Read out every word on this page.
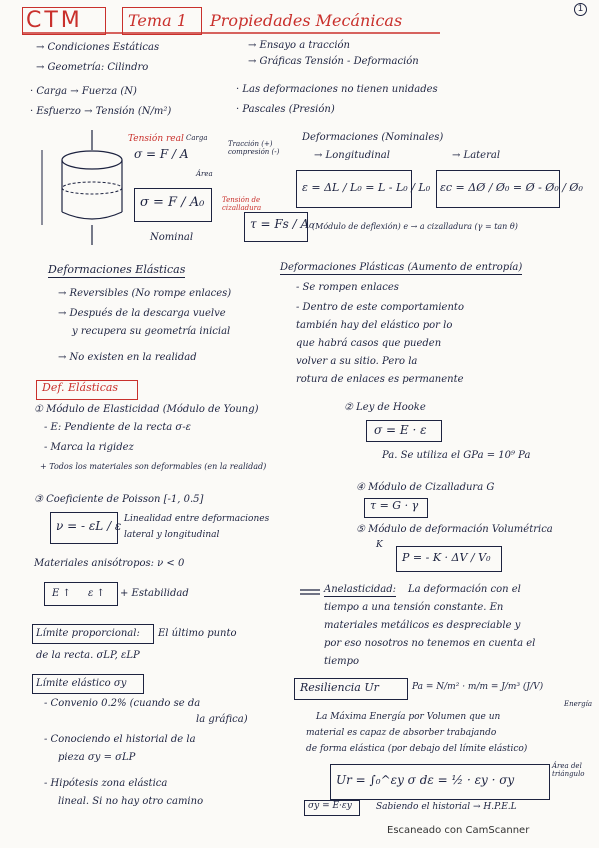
CTM	Tema 1 Propiedades Mecánicas
1
→ Condiciones Estáticas	→ Ensayo a tracción
→ Geometría: Cilindro
→ Gráficas Tensión - Deformación
· Carga → Fuerza (N)	· Las deformaciones no tienen unidades
· Esfuerzo → Tensión (N/m²)	· Pascales (Presión)
Tensión real
σ = F / A
Carga
Área
Tracción (+) compresión (-)
σ = F / A₀
Nominal
Tensión de cizalladura
τ = Fs / A₀
(Módulo de deflexión) e → a cizalladura (γ = tan θ)
Deformaciones (Nominales)
→ Longitudinal	→ Lateral
ε = ΔL / L₀ = L - L₀ / L₀ εc = ΔØ / Ø₀ = Ø - Ø₀ / Ø₀
Deformaciones Elásticas
→ Reversibles (No rompe enlaces)
→ Después de la descarga vuelve
y recupera su geometría inicial
→ No existen en la realidad
Deformaciones Plásticas (Aumento de entropía)
- Se rompen enlaces
- Dentro de este comportamiento
también hay del elástico por lo
que habrá casos que pueden
volver a su sitio. Pero la
rotura de enlaces es permanente
Def. Elásticas
① Módulo de Elasticidad (Módulo de Young)
- E: Pendiente de la recta σ-ε
- Marca la rigidez
+ Todos los materiales son deformables (en la realidad)
② Ley de Hooke
σ = E · ε
Pa. Se utiliza el GPa = 10⁹ Pa
③ Coeficiente de Poisson [-1, 0.5]
ν = - εL / ε Linealidad entre deformaciones
lateral y longitudinal
Materiales anisótropos: ν < 0
E ↑ ε ↑ + Estabilidad
④ Módulo de Cizalladura G
τ = G · γ
⑤ Módulo de deformación Volumétrica
K
P = - K · ΔV / V₀
Límite proporcional: El último punto
de la recta. σLP, εLP
Límite elástico σy
- Convenio 0.2% (cuando se da
la gráfica)
- Conociendo el historial de la
pieza σy = σLP
- Hipótesis zona elástica
lineal. Si no hay otro camino
Anelasticidad: La deformación con el
tiempo a una tensión constante. En
materiales metálicos es despreciable y
por eso nosotros no tenemos en cuenta el
tiempo
Resiliencia Ur	Pa = N/m² · m/m = J/m³ (J/V)
Energía
La Máxima Energía por Volumen que un
material es capaz de absorber trabajando
de forma elástica (por debajo del límite elástico)
Ur = ∫₀^εy σ dε = ½ · εy · σy
Área del triángulo
σy = E·εy	Sabiendo el historial → H.P.E.L
Escaneado con CamScanner
